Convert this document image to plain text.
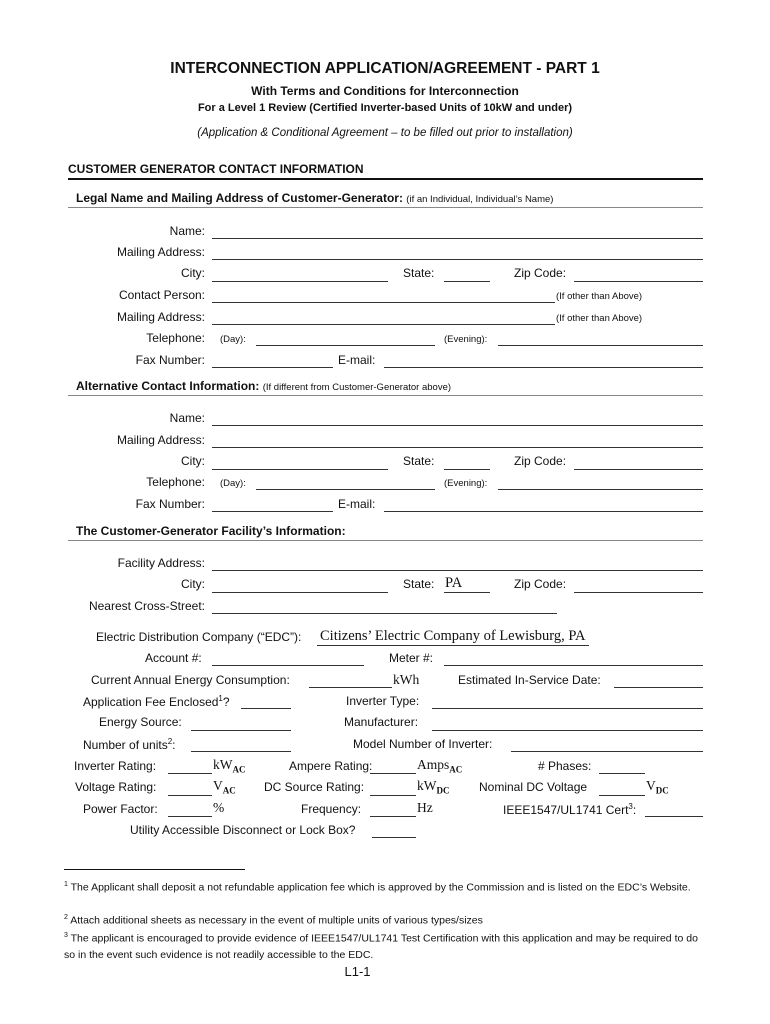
INTERCONNECTION APPLICATION/AGREEMENT - PART 1
With Terms and Conditions for Interconnection
For a Level 1 Review (Certified Inverter-based Units of 10kW and under)
(Application & Conditional Agreement – to be filled out prior to installation)
CUSTOMER GENERATOR CONTACT INFORMATION
Legal Name and Mailing Address of Customer-Generator: (if an Individual, Individual’s Name)
Name:
Mailing Address:
City:	State:	Zip Code:
Contact Person:	(If other than Above)
Mailing Address:	(If other than Above)
Telephone: (Day):	(Evening):
Fax Number:	E-mail:
Alternative Contact Information: (If different from Customer-Generator above)
Name:
Mailing Address:
City:	State:	Zip Code:
Telephone: (Day):	(Evening):
Fax Number:	E-mail:
The Customer-Generator Facility’s Information:
Facility Address:
City:	State: PA	Zip Code:
Nearest Cross-Street:
Electric Distribution Company (“EDC”): Citizens’ Electric Company of Lewisburg, PA
Account #:	Meter #:
Current Annual Energy Consumption:	kWh	Estimated In-Service Date:
Application Fee Enclosed$^1$?	Inverter Type:
Energy Source:	Manufacturer:
Number of units$^2$:	Model Number of Inverter:
Inverter Rating:	$kW_{AC}$	Ampere Rating:	Amps$_{AC}$	# Phases:
Voltage Rating:	$V_{AC}$ DC Source Rating:	$kW_{DC}$ Nominal DC Voltage	$V_{DC}$
Power Factor:	%	Frequency:	Hz	IEEE1547/UL1741 Cert$^3$:
Utility Accessible Disconnect or Lock Box?
$^1$ The Applicant shall deposit a not refundable application fee which is approved by the Commission and is listed on the EDC’s Website.
$^2$ Attach additional sheets as necessary in the event of multiple units of various types/sizes
$^3$ The applicant is encouraged to provide evidence of IEEE1547/UL1741 Test Certification with this application and may be required to do so in the event such evidence is not readily accessible to the EDC.
L1-1
